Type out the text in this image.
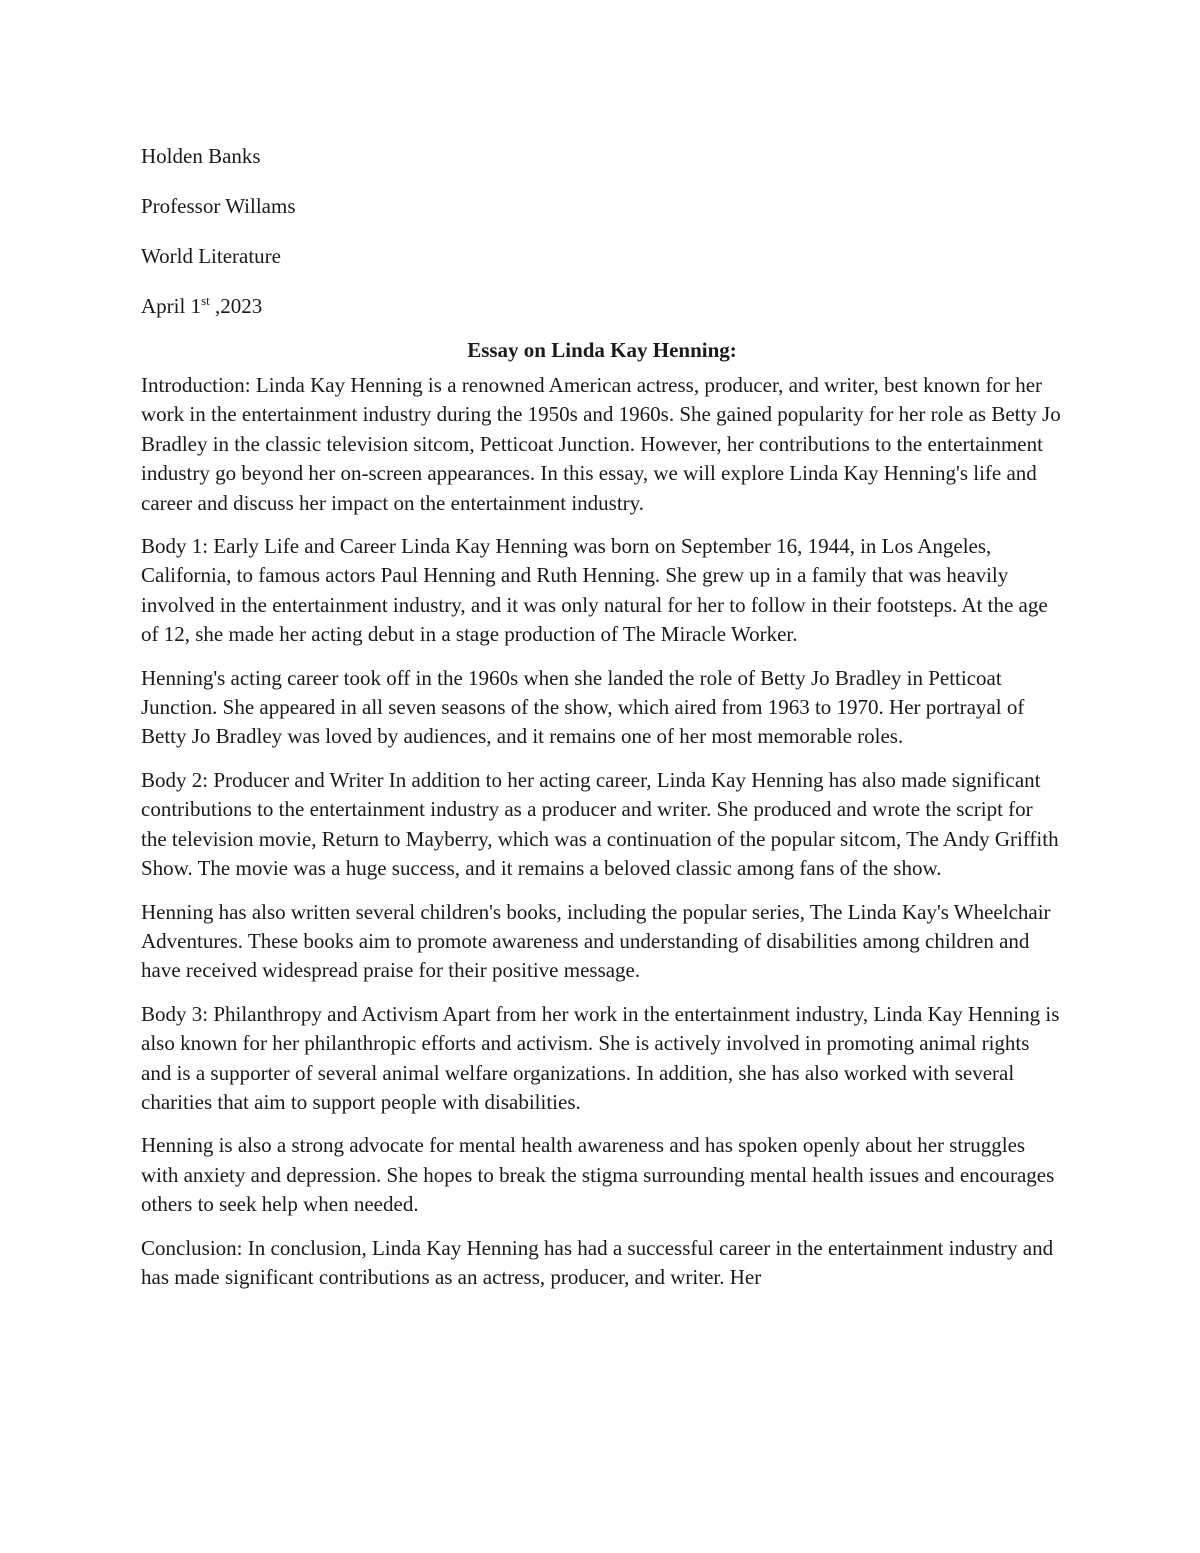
Holden Banks
Professor Willams
World Literature
April 1st ,2023
Essay on Linda Kay Henning:

Introduction: Linda Kay Henning is a renowned American actress, producer, and writer, best known for her work in the entertainment industry during the 1950s and 1960s. She gained popularity for her role as Betty Jo Bradley in the classic television sitcom, Petticoat Junction. However, her contributions to the entertainment industry go beyond her on-screen appearances. In this essay, we will explore Linda Kay Henning's life and career and discuss her impact on the entertainment industry.

Body 1: Early Life and Career Linda Kay Henning was born on September 16, 1944, in Los Angeles, California, to famous actors Paul Henning and Ruth Henning. She grew up in a family that was heavily involved in the entertainment industry, and it was only natural for her to follow in their footsteps. At the age of 12, she made her acting debut in a stage production of The Miracle Worker.

Henning's acting career took off in the 1960s when she landed the role of Betty Jo Bradley in Petticoat Junction. She appeared in all seven seasons of the show, which aired from 1963 to 1970. Her portrayal of Betty Jo Bradley was loved by audiences, and it remains one of her most memorable roles.

Body 2: Producer and Writer In addition to her acting career, Linda Kay Henning has also made significant contributions to the entertainment industry as a producer and writer. She produced and wrote the script for the television movie, Return to Mayberry, which was a continuation of the popular sitcom, The Andy Griffith Show. The movie was a huge success, and it remains a beloved classic among fans of the show.

Henning has also written several children's books, including the popular series, The Linda Kay's Wheelchair Adventures. These books aim to promote awareness and understanding of disabilities among children and have received widespread praise for their positive message.

Body 3: Philanthropy and Activism Apart from her work in the entertainment industry, Linda Kay Henning is also known for her philanthropic efforts and activism. She is actively involved in promoting animal rights and is a supporter of several animal welfare organizations. In addition, she has also worked with several charities that aim to support people with disabilities.

Henning is also a strong advocate for mental health awareness and has spoken openly about her struggles with anxiety and depression. She hopes to break the stigma surrounding mental health issues and encourages others to seek help when needed.

Conclusion: In conclusion, Linda Kay Henning has had a successful career in the entertainment industry and has made significant contributions as an actress, producer, and writer. Her
